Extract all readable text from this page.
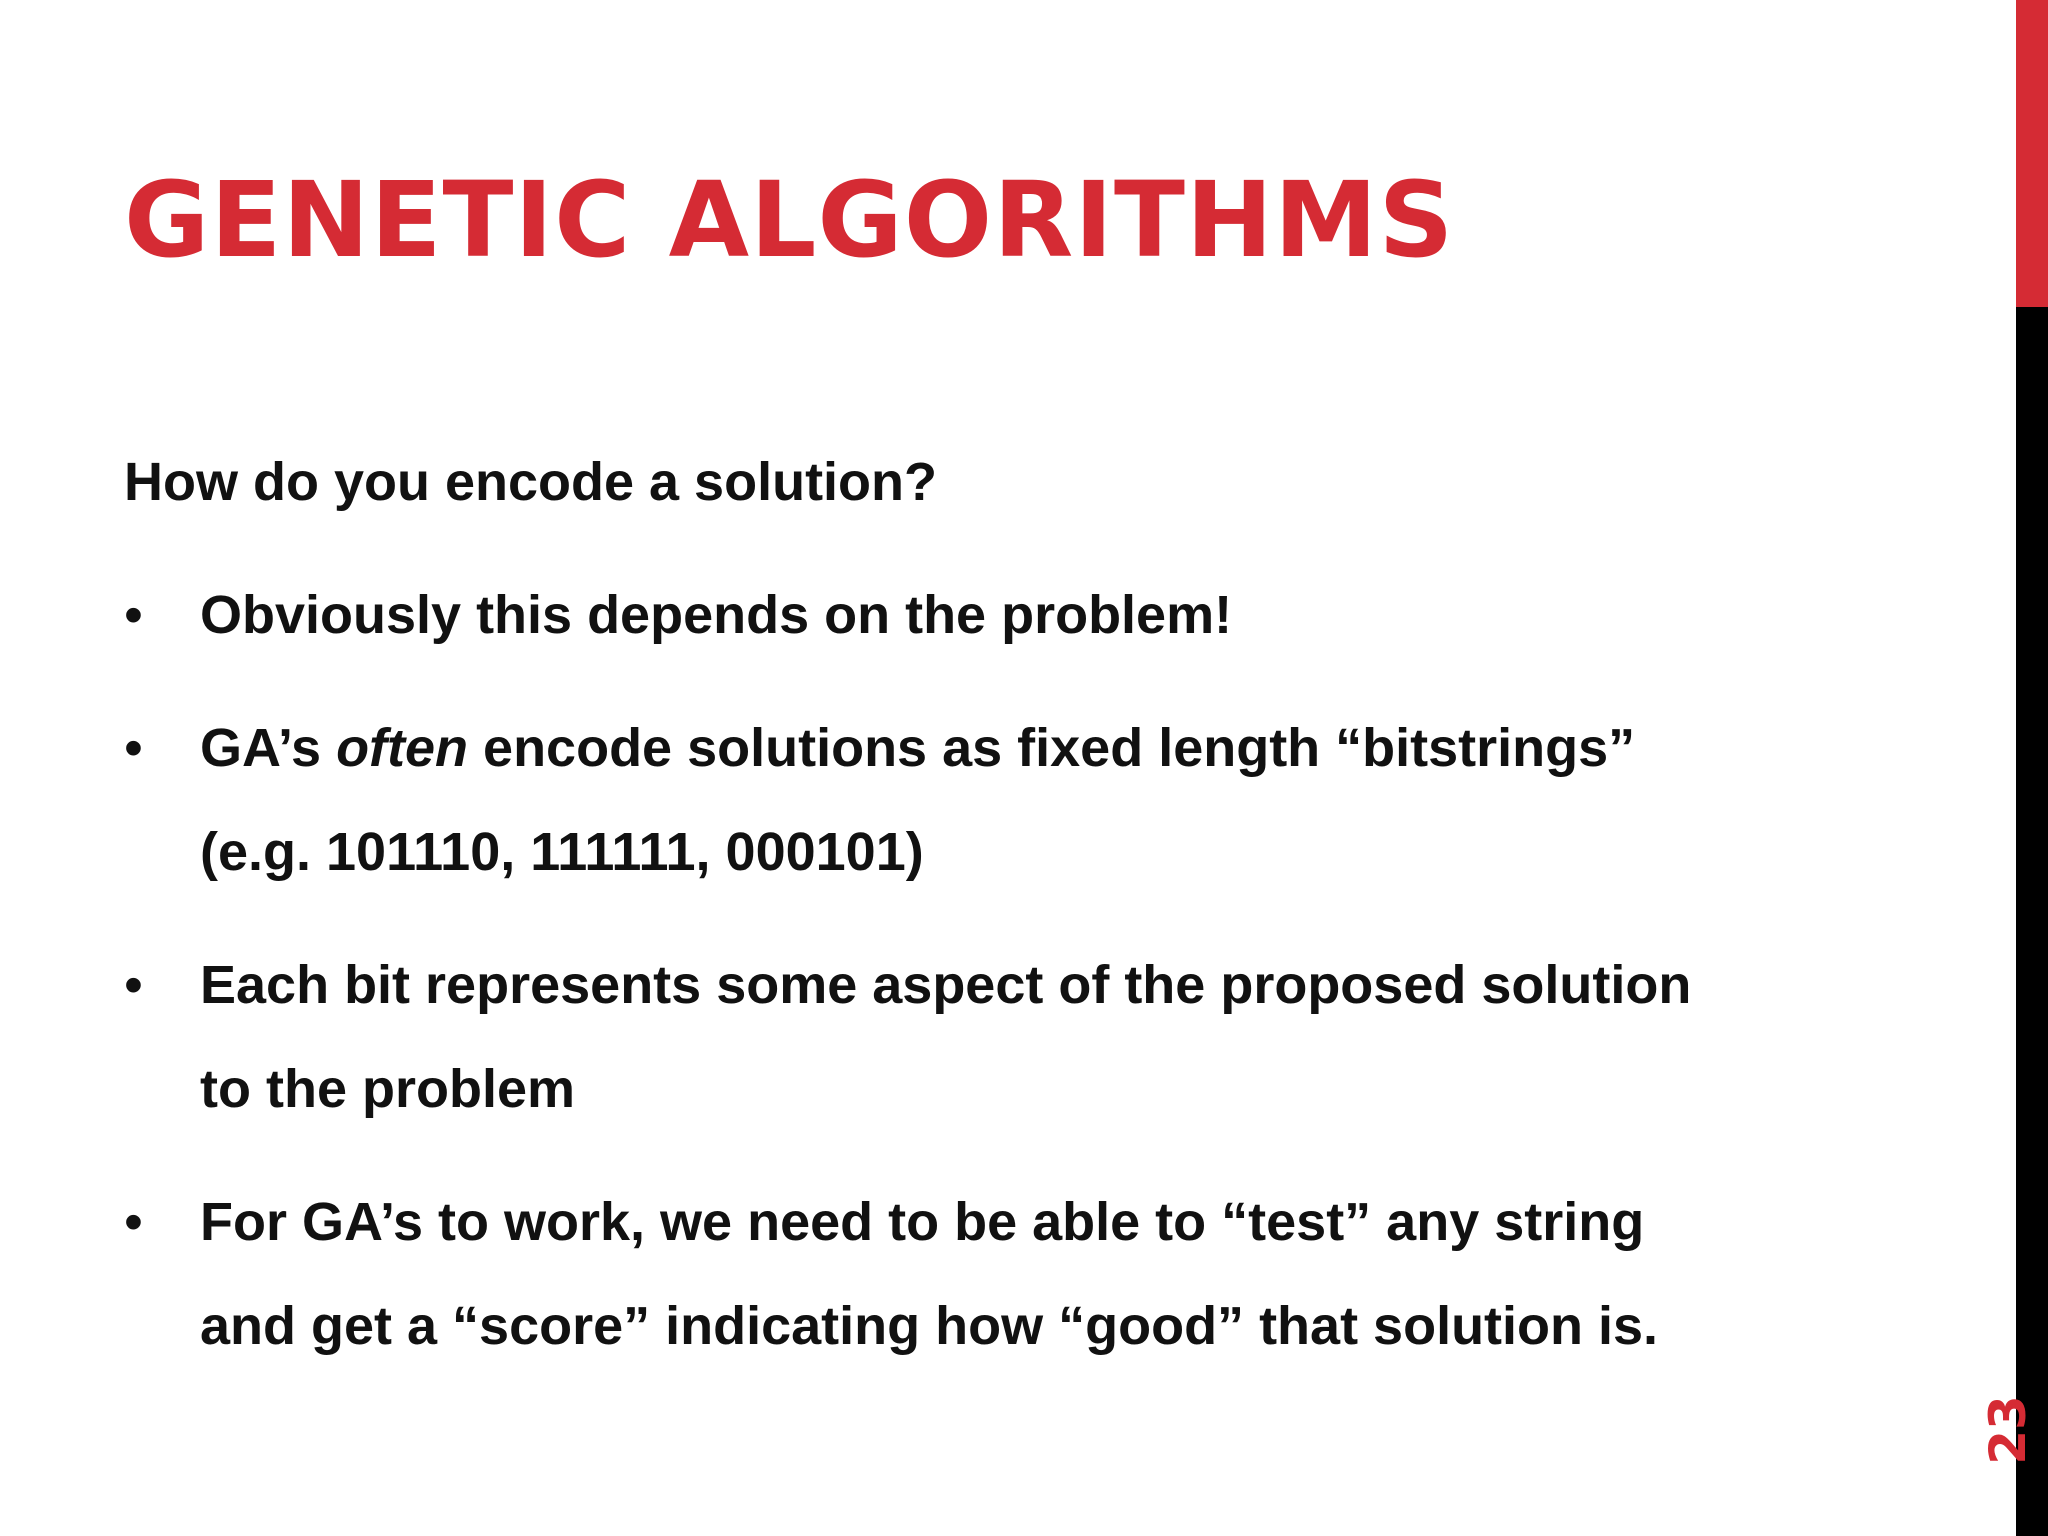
GENETIC ALGORITHMS

How do you encode a solution?

• Obviously this depends on the problem!
• GA’s often encode solutions as fixed length “bitstrings”
(e.g. 101110, 111111, 000101)
• Each bit represents some aspect of the proposed solution
to the problem
• For GA’s to work, we need to be able to “test” any string
and get a “score” indicating how “good” that solution is.
23
